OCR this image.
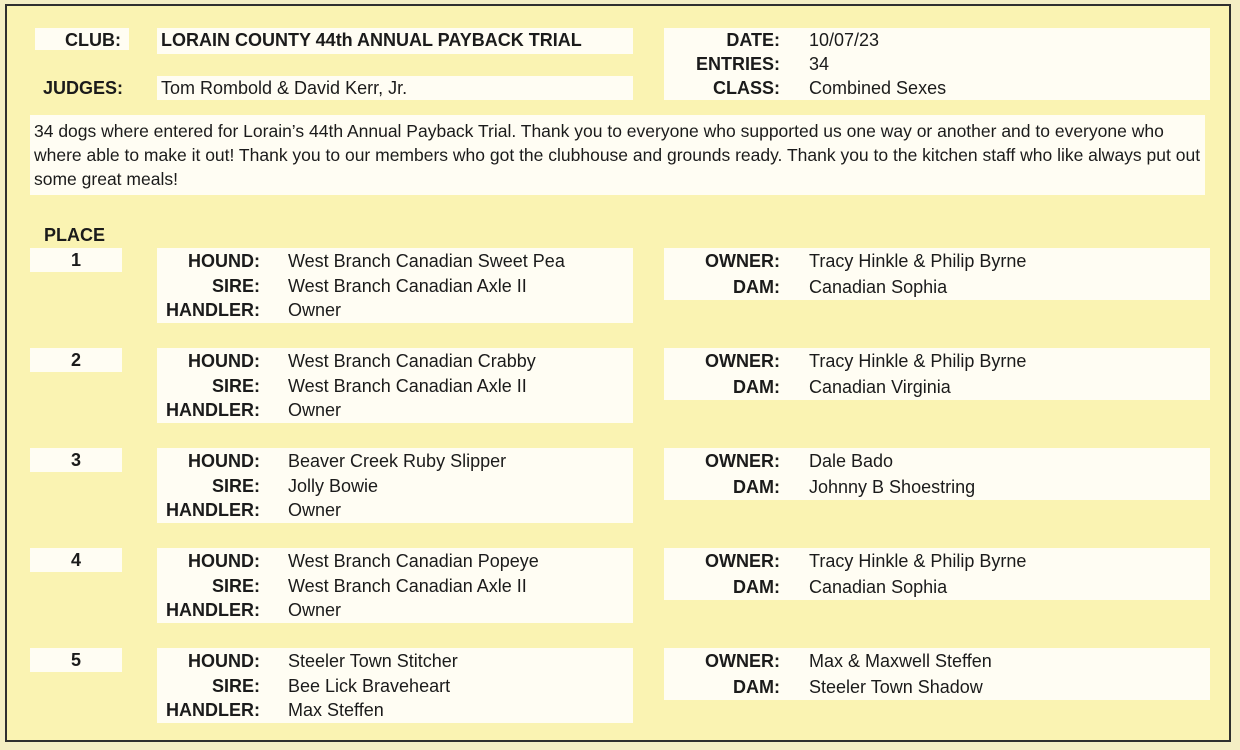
CLUB: LORAIN COUNTY 44th ANNUAL PAYBACK TRIAL
JUDGES: Tom Rombold & David Kerr, Jr.
DATE: 10/07/23
ENTRIES: 34
CLASS: Combined Sexes
34 dogs where entered for Lorain’s 44th Annual Payback Trial. Thank you to everyone who supported us one way or another and to everyone who where able to make it out! Thank you to our members who got the clubhouse and grounds ready. Thank you to the kitchen staff who like always put out some great meals!
PLACE
1	HOUND: West Branch Canadian Sweet Pea
SIRE: West Branch Canadian Axle II
HANDLER: Owner
OWNER: Tracy Hinkle & Philip Byrne
DAM: Canadian Sophia
2	HOUND: West Branch Canadian Crabby
SIRE: West Branch Canadian Axle II
HANDLER: Owner
OWNER: Tracy Hinkle & Philip Byrne
DAM: Canadian Virginia
3	HOUND: Beaver Creek Ruby Slipper
SIRE: Jolly Bowie
HANDLER: Owner
OWNER: Dale Bado
DAM: Johnny B Shoestring
4	HOUND: West Branch Canadian Popeye
SIRE: West Branch Canadian Axle II
HANDLER: Owner
OWNER: Tracy Hinkle & Philip Byrne
DAM: Canadian Sophia
5	HOUND: Steeler Town Stitcher
SIRE: Bee Lick Braveheart
HANDLER: Max Steffen
OWNER: Max & Maxwell Steffen
DAM: Steeler Town Shadow
